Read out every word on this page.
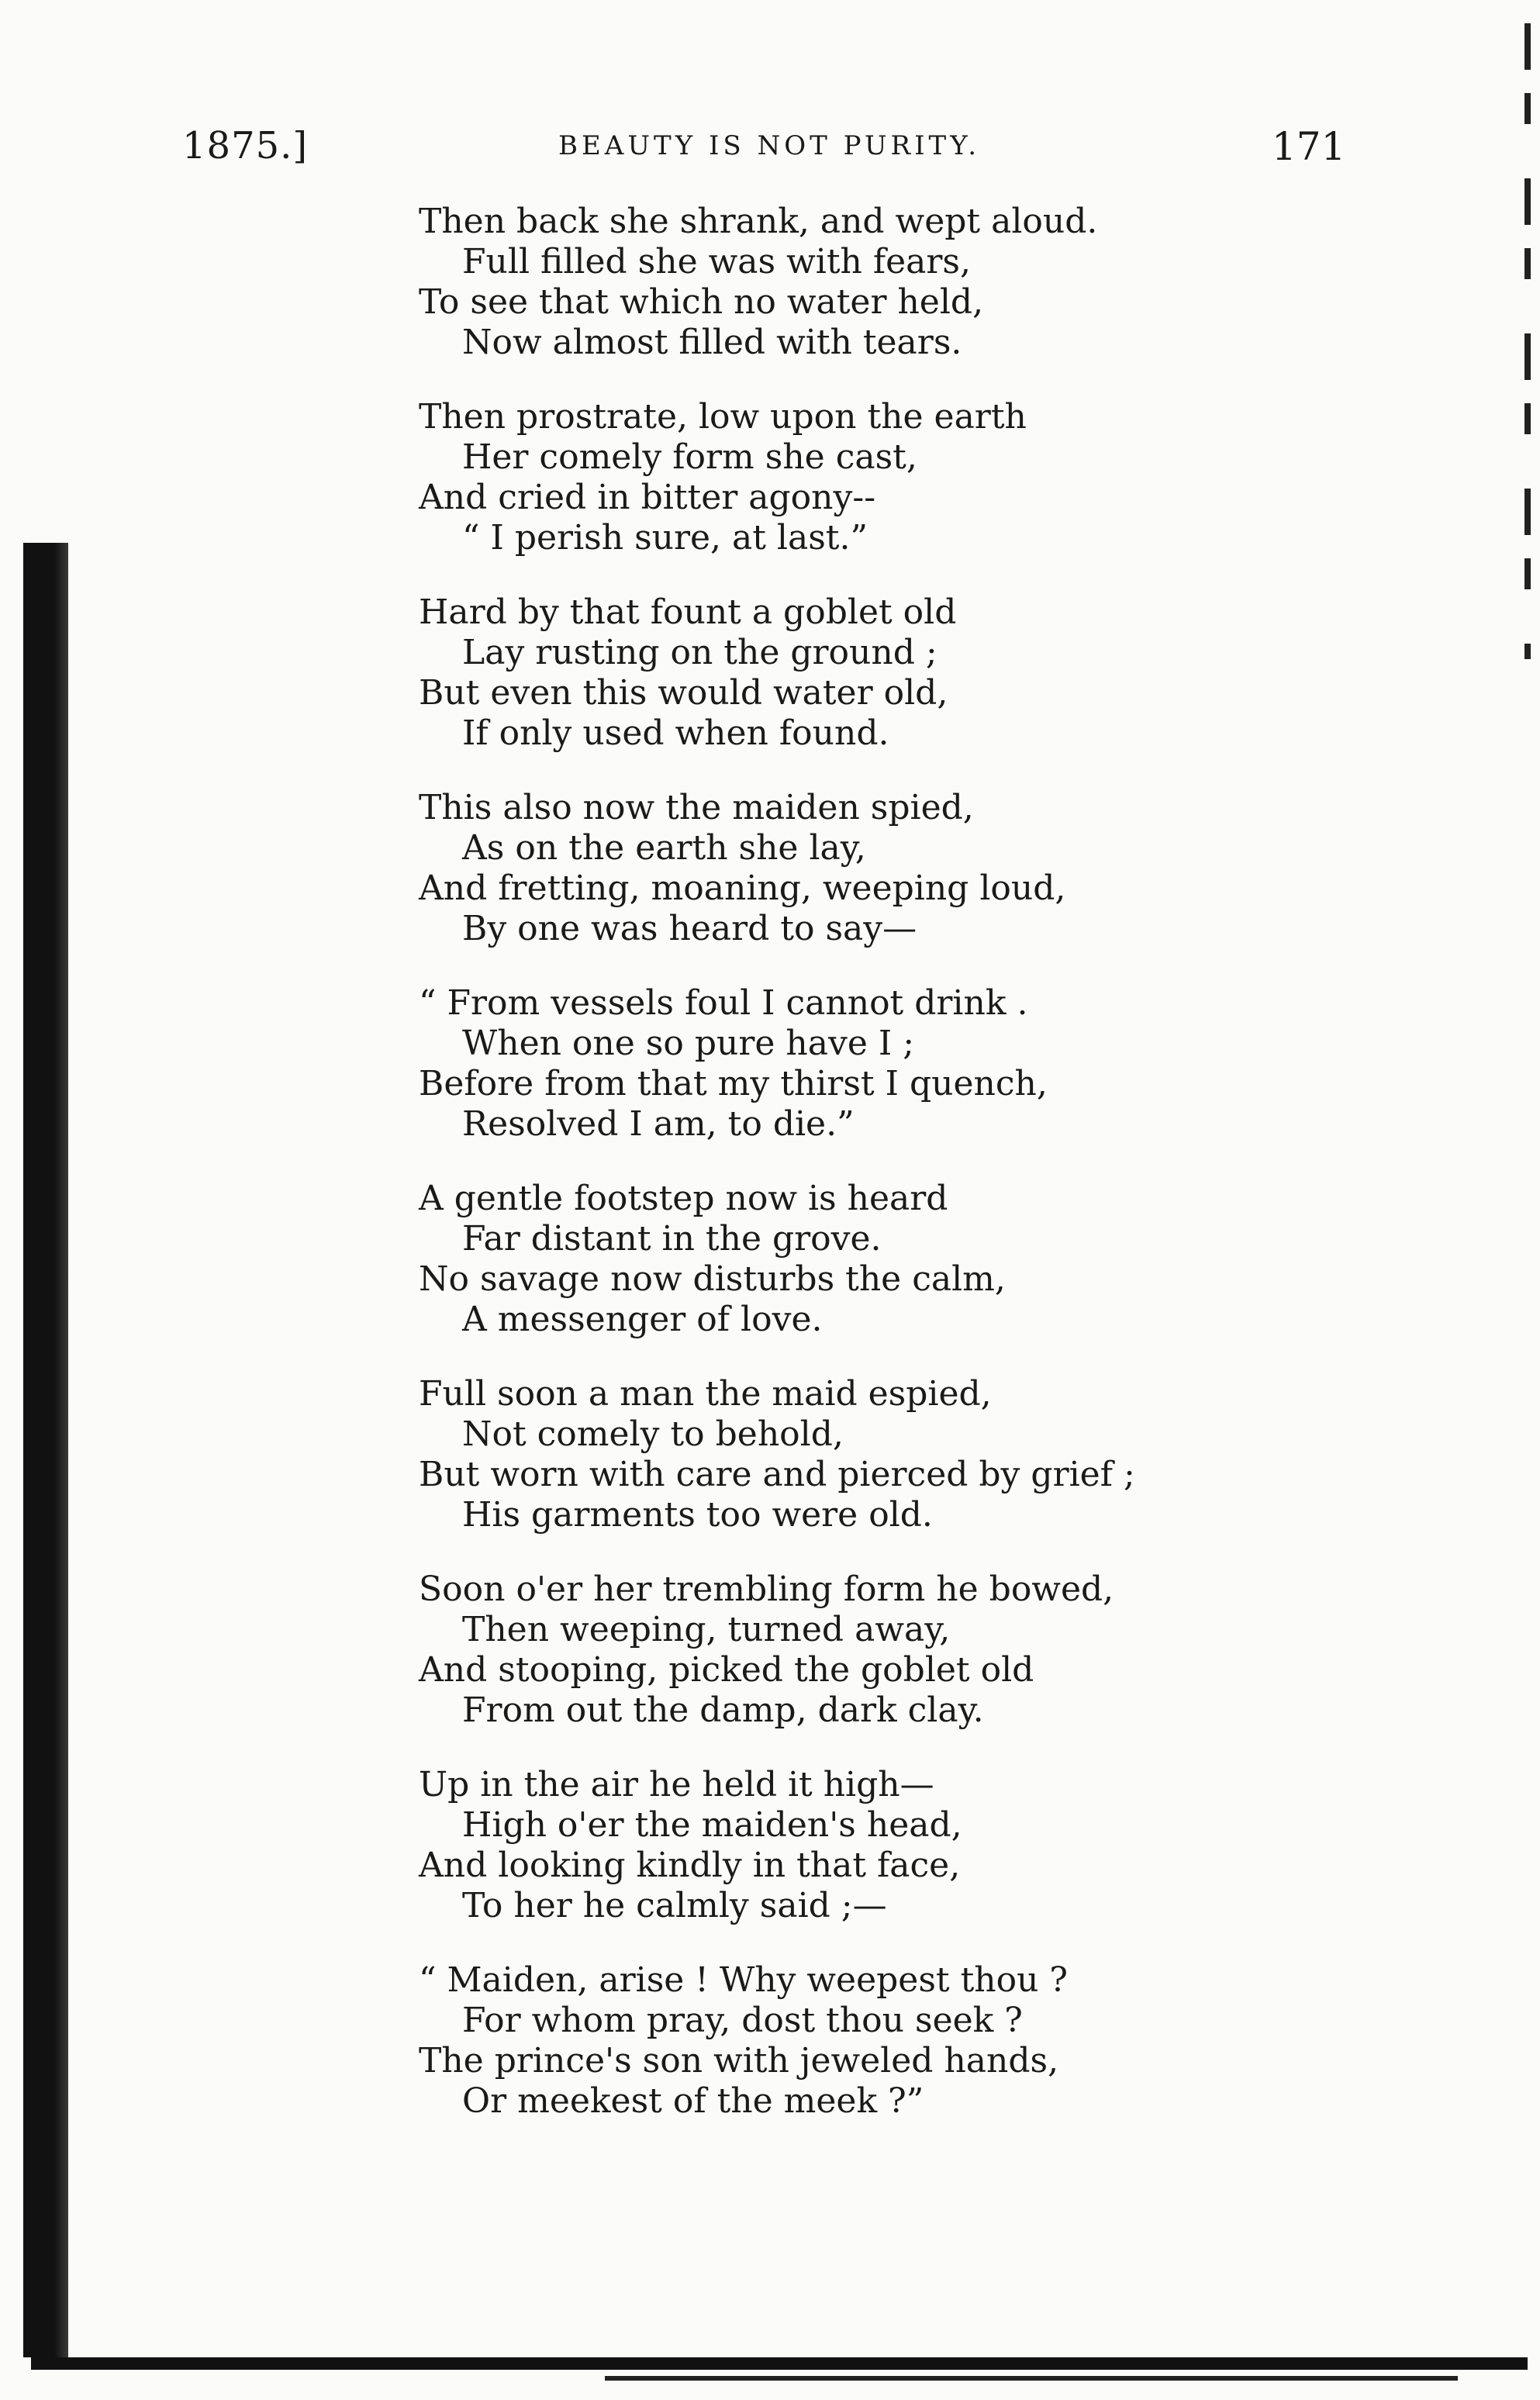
1875.]	BEAUTY IS NOT PURITY.	171
Then back she shrank, and wept aloud.
Full filled she was with fears,
To see that which no water held,
Now almost filled with tears.
Then prostrate, low upon the earth
Her comely form she cast,
And cried in bitter agony--
“ I perish sure, at last.”
Hard by that fount a goblet old
Lay rusting on the ground ;
But even this would water old,
If only used when found.
This also now the maiden spied,
As on the earth she lay,
And fretting, moaning, weeping loud,
By one was heard to say—
“ From vessels foul I cannot drink .
When one so pure have I ;
Before from that my thirst I quench,
Resolved I am, to die.”
A gentle footstep now is heard
Far distant in the grove.
No savage now disturbs the calm,
A messenger of love.
Full soon a man the maid espied,
Not comely to behold,
But worn with care and pierced by grief ;
His garments too were old.
Soon o'er her trembling form he bowed,
Then weeping, turned away,
And stooping, picked the goblet old
From out the damp, dark clay.
Up in the air he held it high—
High o'er the maiden's head,
And looking kindly in that face,
To her he calmly said ;—
“ Maiden, arise ! Why weepest thou ?
For whom pray, dost thou seek ?
The prince's son with jeweled hands,
Or meekest of the meek ?”
